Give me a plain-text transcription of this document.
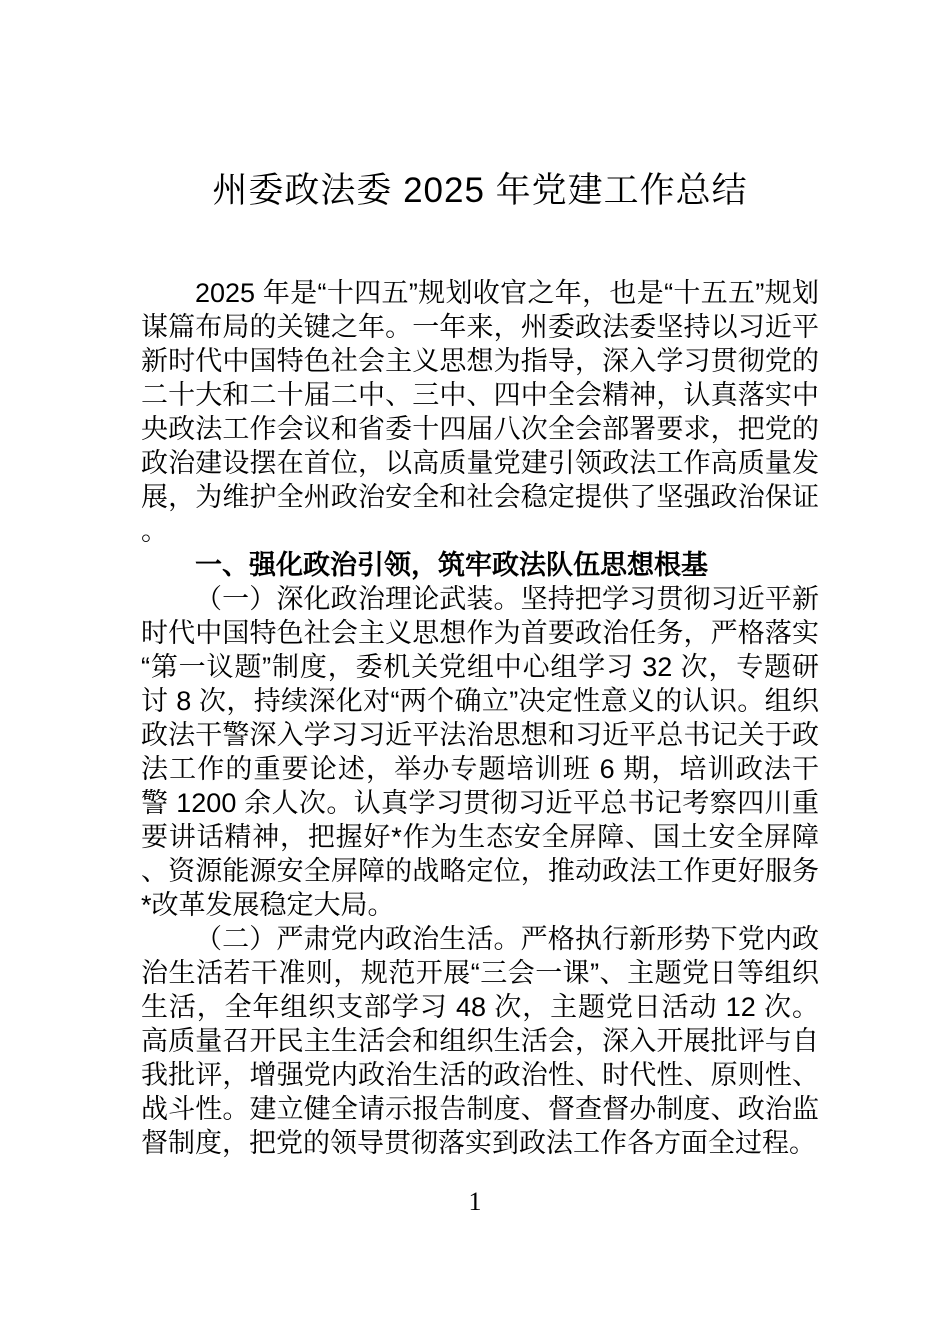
州委政法委 2025 年党建工作总结

2025 年是“十四五”规划收官之年，也是“十五五”规划谋篇布局的关键之年。一年来，州委政法委坚持以习近平新时代中国特色社会主义思想为指导，深入学习贯彻党的二十大和二十届二中、三中、四中全会精神，认真落实中央政法工作会议和省委十四届八次全会部署要求，把党的政治建设摆在首位，以高质量党建引领政法工作高质量发展，为维护全州政治安全和社会稳定提供了坚强政治保证。

一、强化政治引领，筑牢政法队伍思想根基

（一）深化政治理论武装。坚持把学习贯彻习近平新时代中国特色社会主义思想作为首要政治任务，严格落实“第一议题”制度，委机关党组中心组学习 32 次，专题研讨 8 次，持续深化对“两个确立”决定性意义的认识。组织政法干警深入学习习近平法治思想和习近平总书记关于政法工作的重要论述，举办专题培训班 6 期，培训政法干警 1200 余人次。认真学习贯彻习近平总书记考察四川重要讲话精神，把握好*作为生态安全屏障、国土安全屏障、资源能源安全屏障的战略定位，推动政法工作更好服务*改革发展稳定大局。

（二）严肃党内政治生活。严格执行新形势下党内政治生活若干准则，规范开展“三会一课”、主题党日等组织生活，全年组织支部学习 48 次，主题党日活动 12 次。高质量召开民主生活会和组织生活会，深入开展批评与自我批评，增强党内政治生活的政治性、时代性、原则性、战斗性。建立健全请示报告制度、督查督办制度、政治监督制度，把党的领导贯彻落实到政法工作各方面全过程。

1
